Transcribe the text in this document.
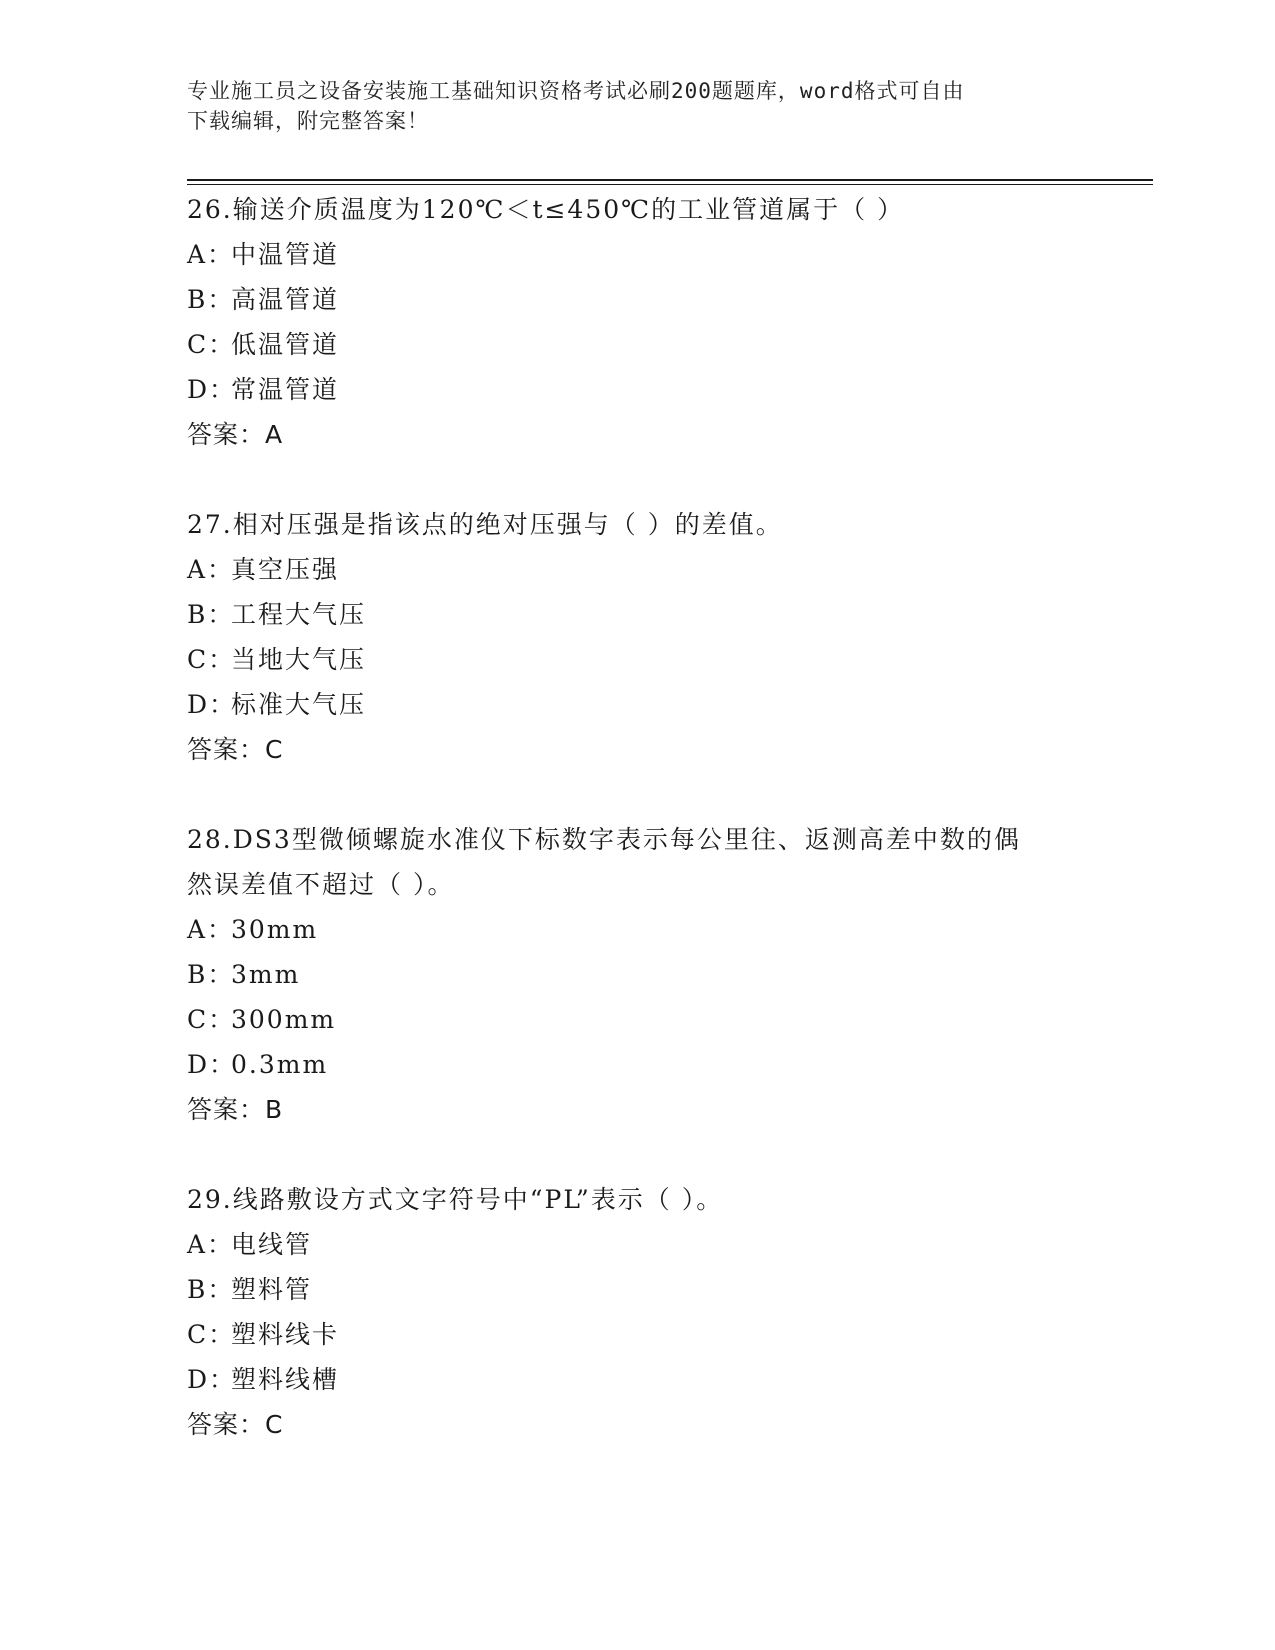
专业施工员之设备安装施工基础知识资格考试必刷200题题库，word格式可自由
下载编辑，附完整答案！
26.输送介质温度为120℃＜t≤450℃的工业管道属于（ ）
A：中温管道
B：高温管道
C：低温管道
D：常温管道
答案：A
27.相对压强是指该点的绝对压强与（ ）的差值。
A：真空压强
B：工程大气压
C：当地大气压
D：标准大气压
答案：C
28.DS3型微倾螺旋水准仪下标数字表示每公里往、返测高差中数的偶
然误差值不超过（ ）。
A：30mm
B：3mm
C：300mm
D：0.3mm
答案：B
29.线路敷设方式文字符号中“PL”表示（ ）。
A：电线管
B：塑料管
C：塑料线卡
D：塑料线槽
答案：C
